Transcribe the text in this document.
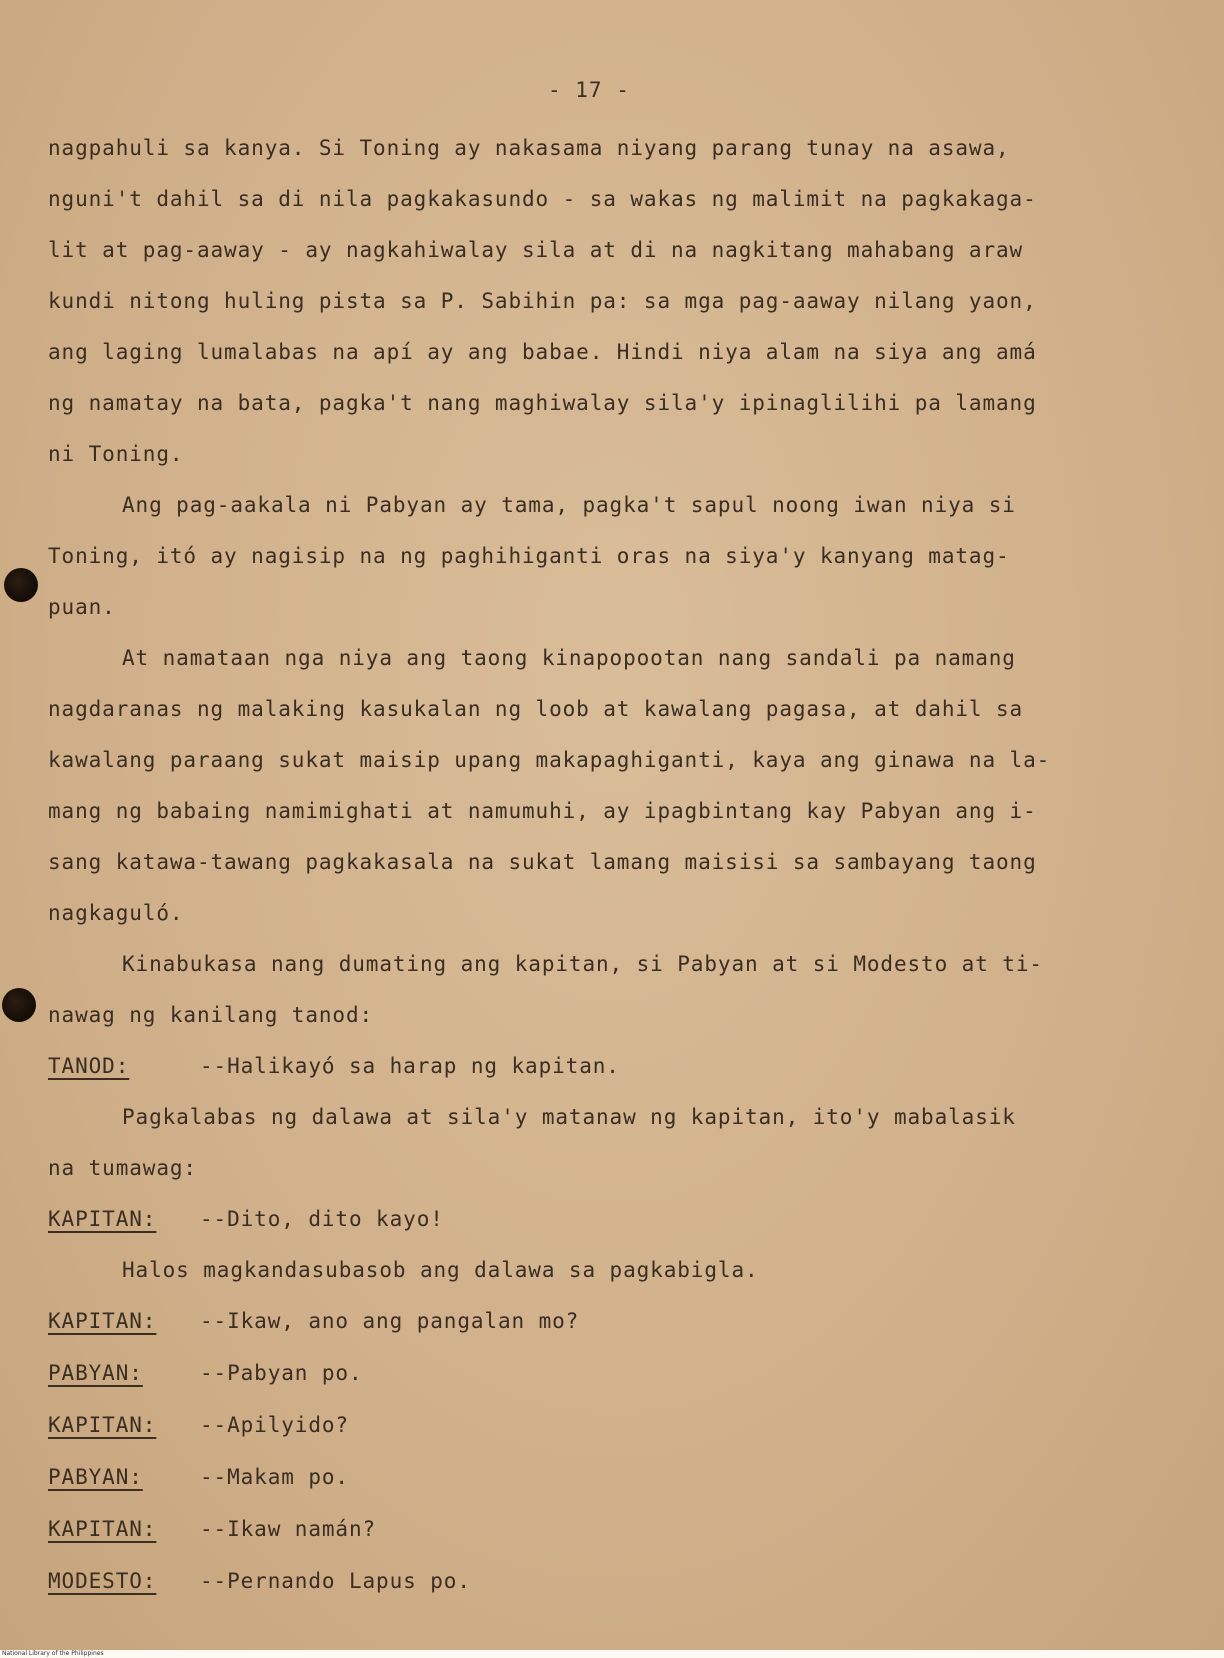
- 17 -
nagpahuli sa kanya. Si Toning ay nakasama niyang parang tunay na asawa,
nguni't dahil sa di nila pagkakasundo - sa wakas ng malimit na pagkakaga-
lit at pag-aaway - ay nagkahiwalay sila at di na nagkitang mahabang araw
kundi nitong huling pista sa P. Sabihin pa: sa mga pag-aaway nilang yaon,
ang laging lumalabas na apí ay ang babae. Hindi niya alam na siya ang amá
ng namatay na bata, pagka't nang maghiwalay sila'y ipinaglilihi pa lamang
ni Toning.
Ang pag-aakala ni Pabyan ay tama, pagka't sapul noong iwan niya si
Toning, itó ay nagisip na ng paghihiganti oras na siya'y kanyang matag-
puan.
At namataan nga niya ang taong kinapopootan nang sandali pa namang
nagdaranas ng malaking kasukalan ng loob at kawalang pagasa, at dahil sa
kawalang paraang sukat maisip upang makapaghiganti, kaya ang ginawa na la-
mang ng babaing namimighati at namumuhi, ay ipagbintang kay Pabyan ang i-
sang katawa-tawang pagkakasala na sukat lamang maisisi sa sambayang taong
nagkagulό.
Kinabukasa nang dumating ang kapitan, si Pabyan at si Modesto at ti-
nawag ng kanilang tanod:
TANOD:	--Halikayό sa harap ng kapitan.
Pagkalabas ng dalawa at sila'y matanaw ng kapitan, ito'y mabalasik
na tumawag:
KAPITAN: --Dito, dito kayo!
Halos magkandasubasob ang dalawa sa pagkabigla.
KAPITAN: --Ikaw, ano ang pangalan mo?
PABYAN:	--Pabyan po.
KAPITAN: --Apilyido?
PABYAN:	--Makam po.
KAPITAN: --Ikaw namán?
MODESTO: --Pernando Lapus po.
National Library of the Philippines
